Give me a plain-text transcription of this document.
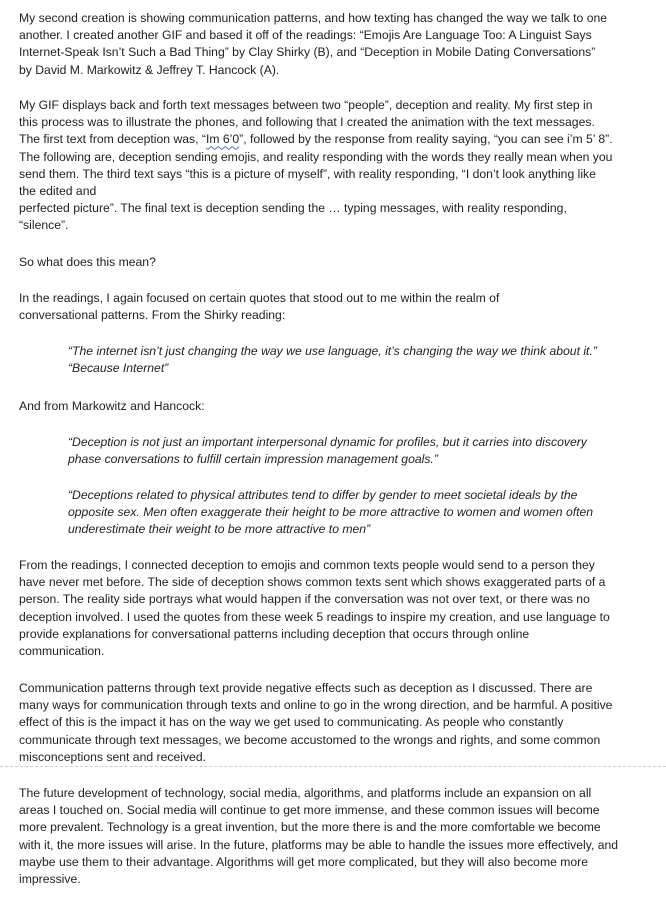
My second creation is showing communication patterns, and how texting has changed the way we talk to one

another. I created another GIF and based it off of the readings: “Emojis Are Language Too: A Linguist Says

Internet-Speak Isn’t Such a Bad Thing” by Clay Shirky (B), and “Deception in Mobile Dating Conversations”

by David M. Markowitz & Jeffrey T. Hancock (A).

My GIF displays back and forth text messages between two “people”, deception and reality. My first step in

this process was to illustrate the phones, and following that I created the animation with the text messages.

The first text from deception was, “Im 6’0”, followed by the response from reality saying, “you can see i’m 5’ 8”.

The following are, deception sending emojis, and reality responding with the words they really mean when you

send them. The third text says “this is a picture of myself”, with reality responding, “I don’t look anything like

the edited and

perfected picture”. The final text is deception sending the … typing messages, with reality responding,

“silence”.

So what does this mean?

In the readings, I again focused on certain quotes that stood out to me within the realm of

conversational patterns. From the Shirky reading:

“The internet isn’t just changing the way we use language, it’s changing the way we think about it.”

“Because Internet”

And from Markowitz and Hancock:

“Deception is not just an important interpersonal dynamic for profiles, but it carries into discovery

phase conversations to fulfill certain impression management goals.”

“Deceptions related to physical attributes tend to differ by gender to meet societal ideals by the

opposite sex. Men often exaggerate their height to be more attractive to women and women often

underestimate their weight to be more attractive to men”

From the readings, I connected deception to emojis and common texts people would send to a person they

have never met before. The side of deception shows common texts sent which shows exaggerated parts of a

person. The reality side portrays what would happen if the conversation was not over text, or there was no

deception involved. I used the quotes from these week 5 readings to inspire my creation, and use language to

provide explanations for conversational patterns including deception that occurs through online

communication.

Communication patterns through text provide negative effects such as deception as I discussed. There are

many ways for communication through texts and online to go in the wrong direction, and be harmful. A positive

effect of this is the impact it has on the way we get used to communicating. As people who constantly

communicate through text messages, we become accustomed to the wrongs and rights, and some common

misconceptions sent and received.

The future development of technology, social media, algorithms, and platforms include an expansion on all

areas I touched on. Social media will continue to get more immense, and these common issues will become

more prevalent. Technology is a great invention, but the more there is and the more comfortable we become

with it, the more issues will arise. In the future, platforms may be able to handle the issues more effectively, and

maybe use them to their advantage. Algorithms will get more complicated, but they will also become more

impressive.
